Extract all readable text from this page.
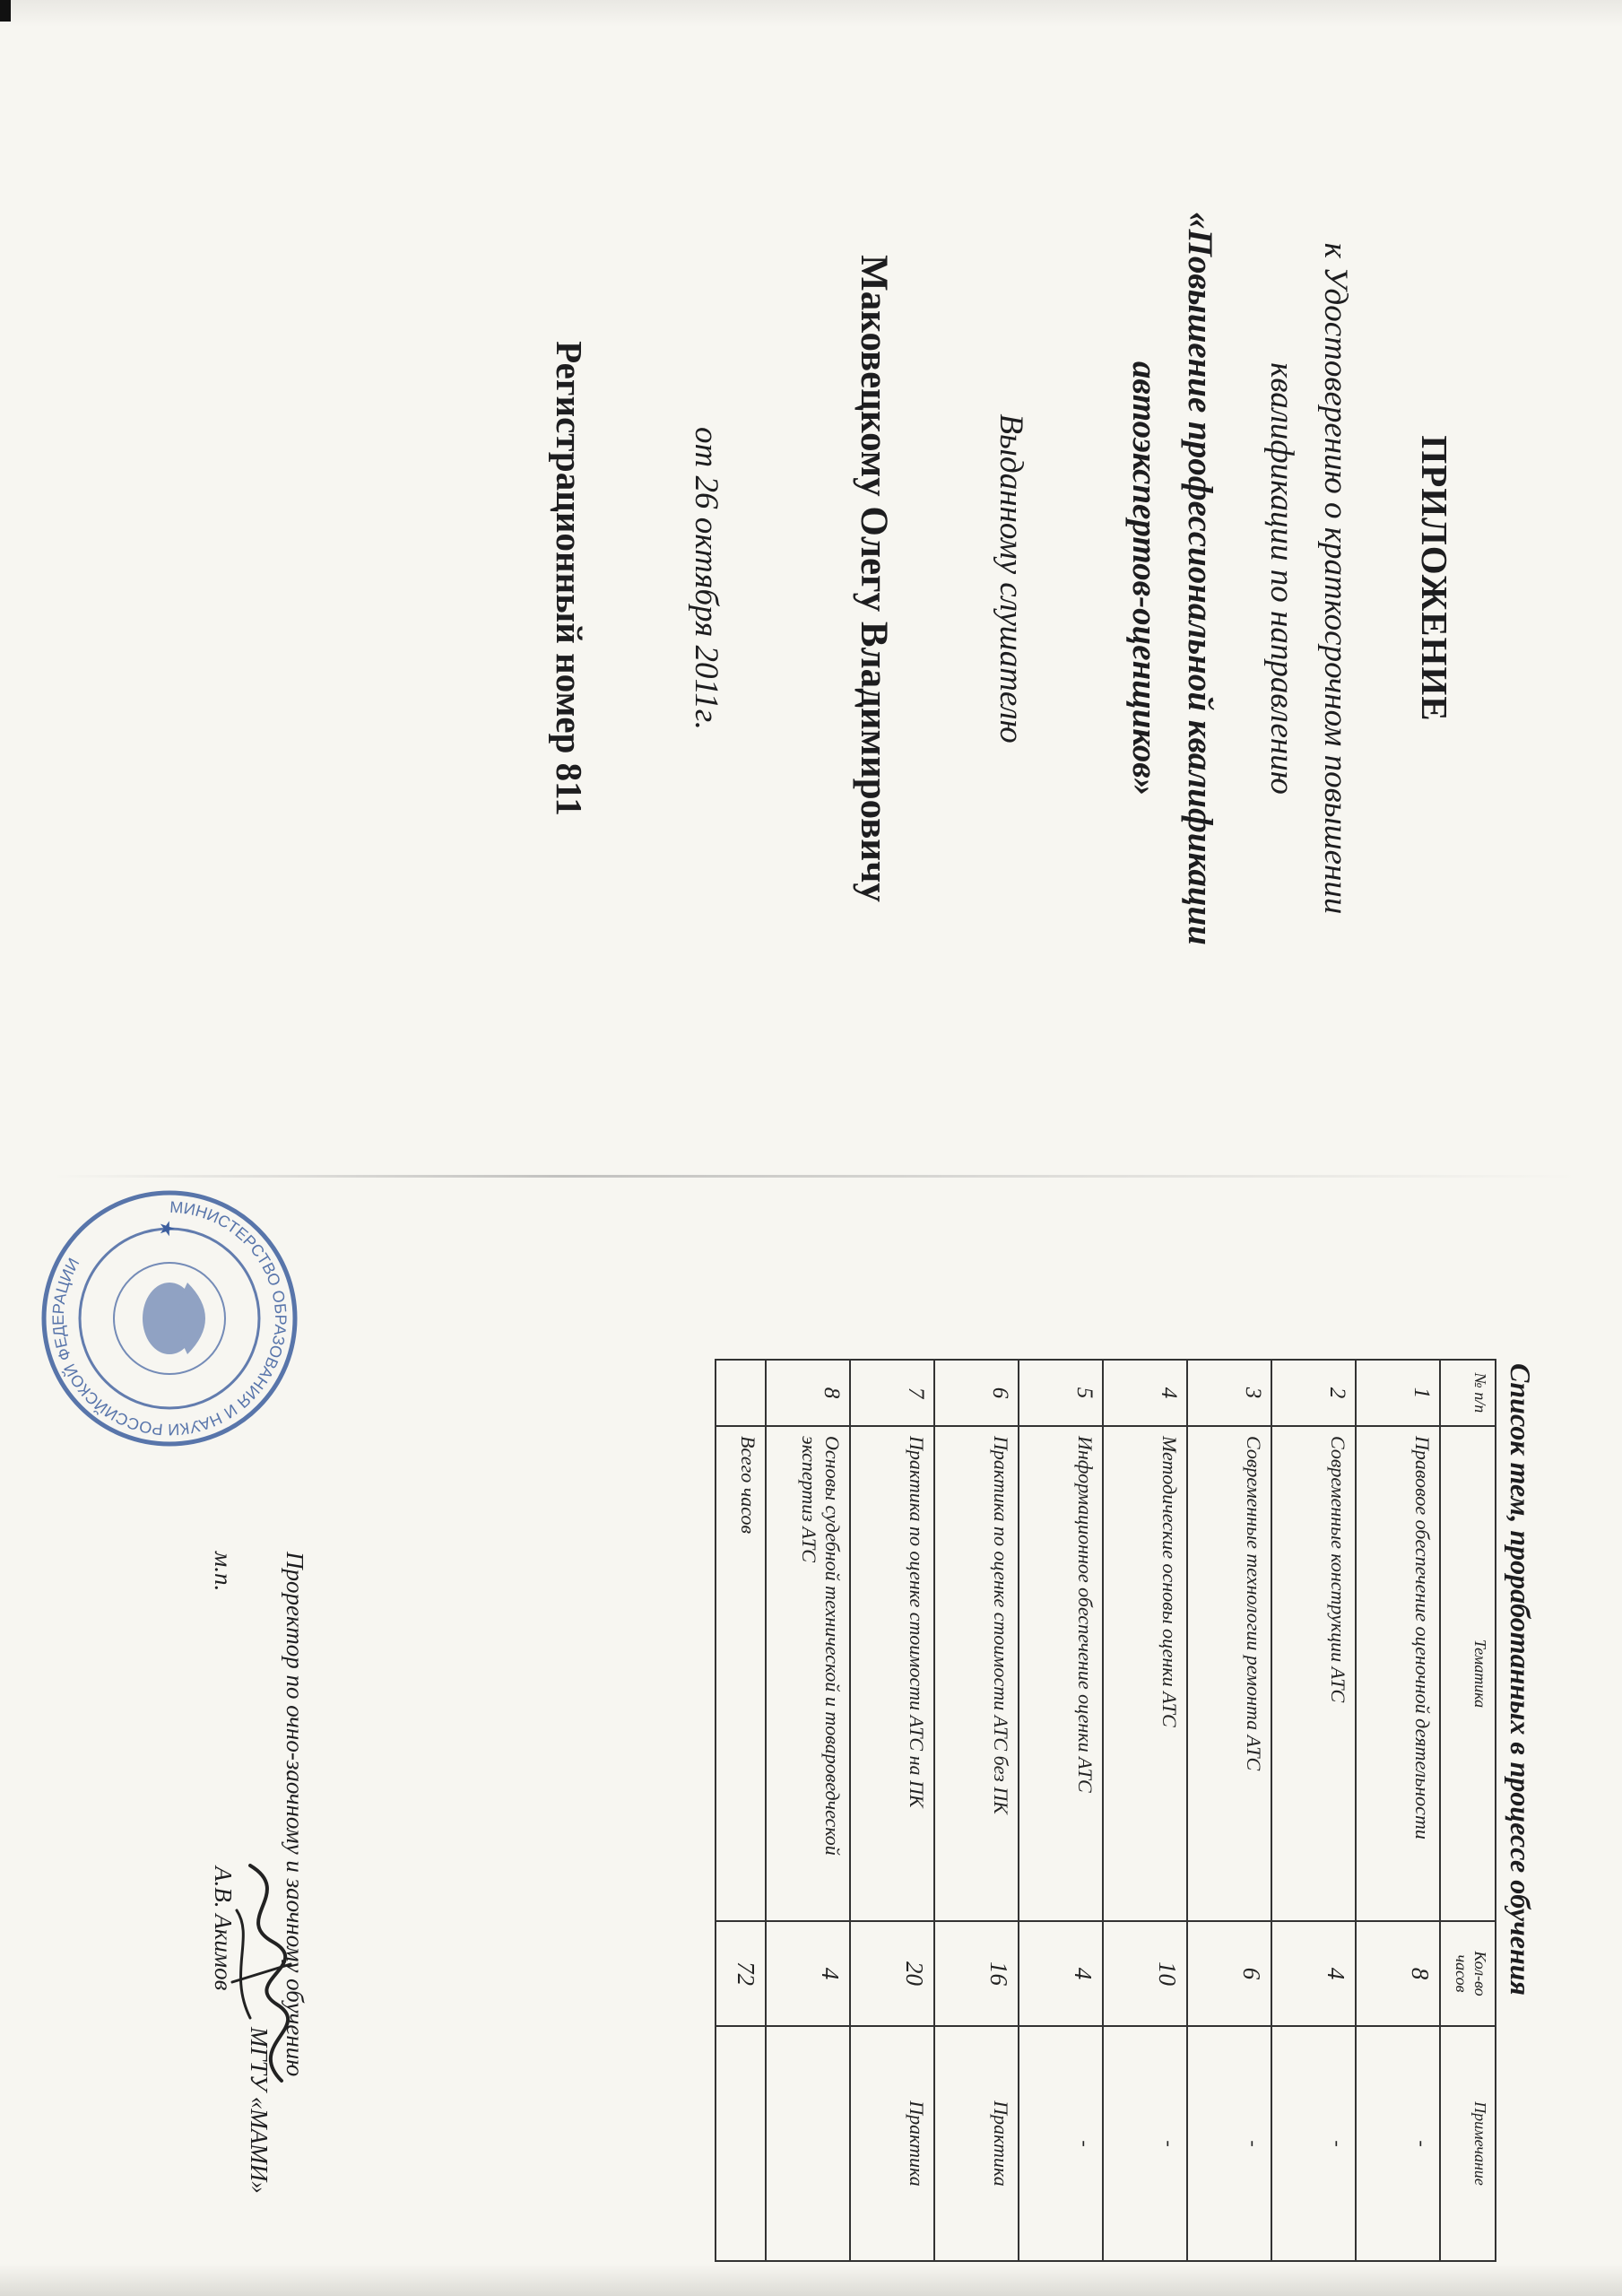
ПРИЛОЖЕНИЕ
к Удостоверению о краткосрочном повышении
квалификации по направлению
«Повышение профессиональной квалификации
автоэкспертов-оценщиков»
Выданному слушателю
Маковецкому Олегу Владимировичу
от 26 октября 2011г.
Регистрационный номер 811
Список тем, проработанных в процессе обучения
№ п/п	Тематика	Кол-во часов	Примечание
1	Правовое обеспечение оценочной деятельности	8	-
2	Современные конструкции АТС	4	-
3	Современные технологии ремонта АТС	6	-
4	Методические основы оценки АТС	10	-
5	Информационное обеспечение оценки АТС	4	-
6	Практика по оценке стоимости АТС без ПК	16	Практика
7	Практика по оценке стоимости АТС на ПК	20	Практика
8	Основы судебной технической и товароведческой экспертиз АТС	4	
	Всего часов	72	
МИНИСТЕРСТВО ОБРАЗОВАНИЯ И НАУКИ РОССИЙСКОЙ ФЕДЕРАЦИИ
★
Проректор по очно-заочному и заочному обучению
МГТУ «МАМИ»
м.п. А.В. Акимов
